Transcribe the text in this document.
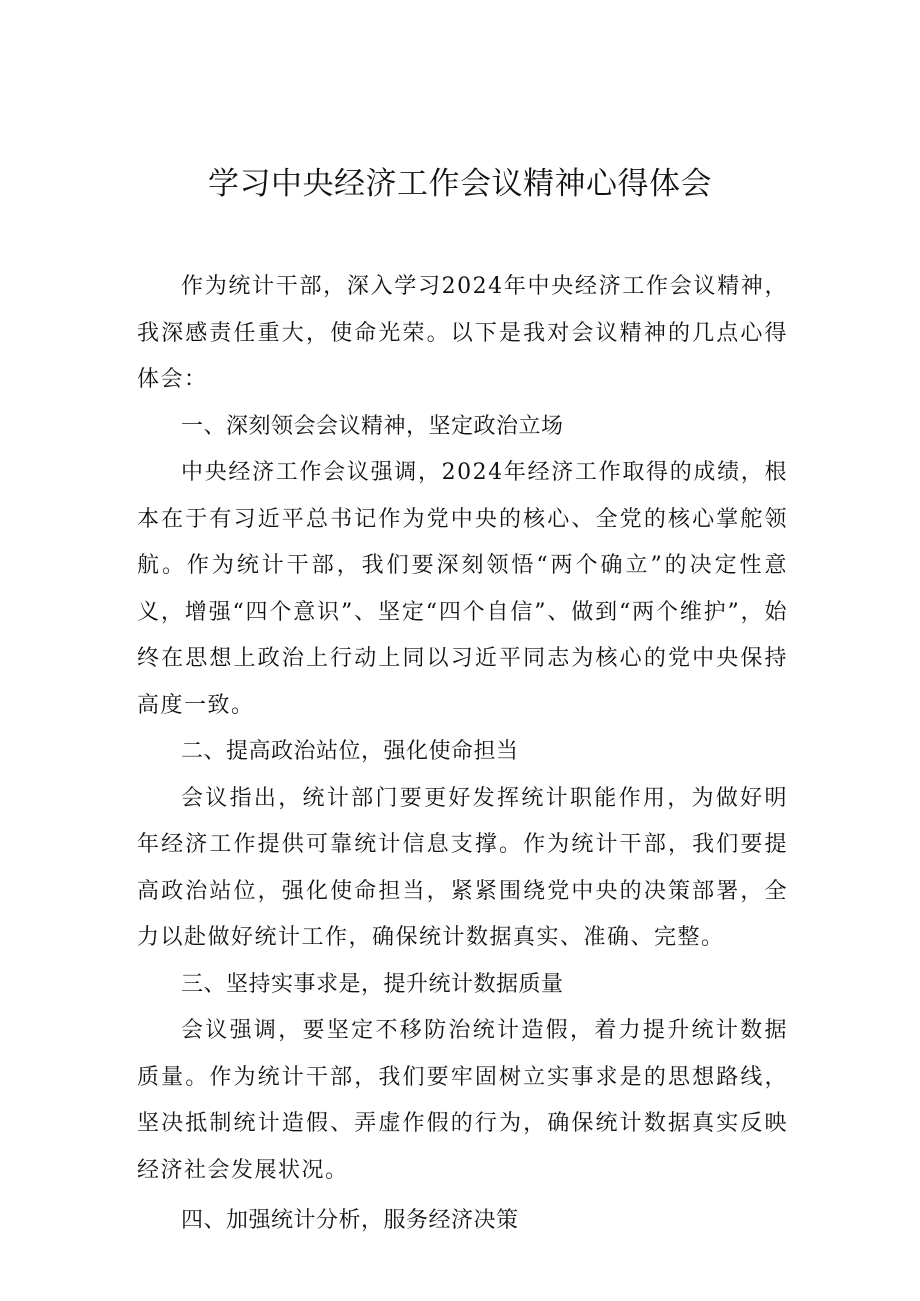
学习中央经济工作会议精神心得体会

作为统计干部，深入学习2024年中央经济工作会议精神，我深感责任重大，使命光荣。以下是我对会议精神的几点心得体会：

一、深刻领会会议精神，坚定政治立场

中央经济工作会议强调，2024年经济工作取得的成绩，根本在于有习近平总书记作为党中央的核心、全党的核心掌舵领航。作为统计干部，我们要深刻领悟“两个确立”的决定性意义，增强“四个意识”、坚定“四个自信”、做到“两个维护”，始终在思想上政治上行动上同以习近平同志为核心的党中央保持高度一致。

二、提高政治站位，强化使命担当

会议指出，统计部门要更好发挥统计职能作用，为做好明年经济工作提供可靠统计信息支撑。作为统计干部，我们要提高政治站位，强化使命担当，紧紧围绕党中央的决策部署，全力以赴做好统计工作，确保统计数据真实、准确、完整。

三、坚持实事求是，提升统计数据质量

会议强调，要坚定不移防治统计造假，着力提升统计数据质量。作为统计干部，我们要牢固树立实事求是的思想路线，坚决抵制统计造假、弄虚作假的行为，确保统计数据真实反映经济社会发展状况。

四、加强统计分析，服务经济决策
